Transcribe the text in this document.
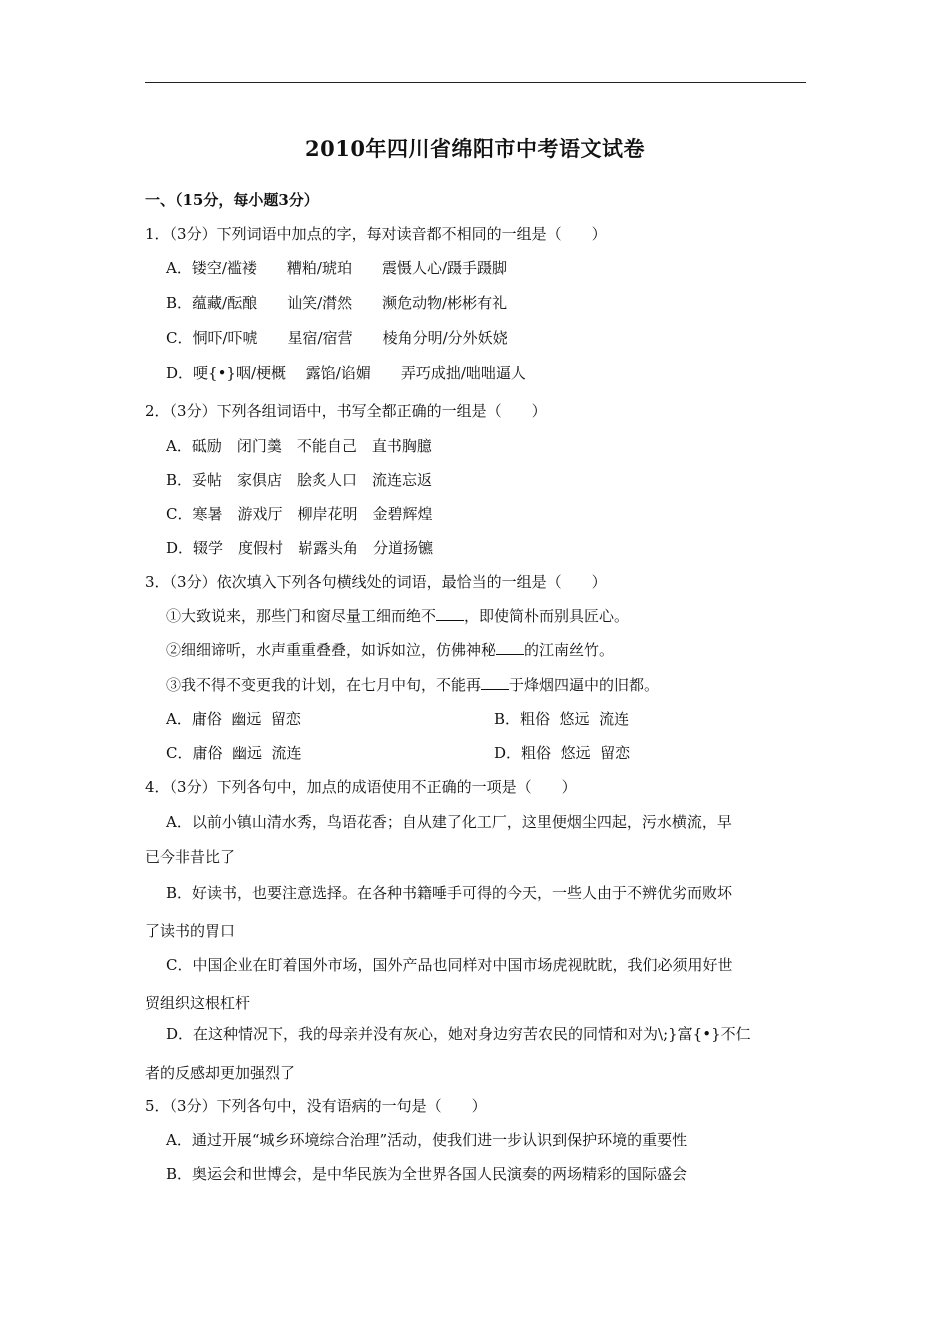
2010年四川省绵阳市中考语文试卷
一、（15分，每小题3分）
1．（3分）下列词语中加点的字，每对读音都不相同的一组是（　　）
A．镂空/褴褛　　糟粕/琥珀　　震慑人心/蹑手蹑脚
B．蕴藏/酝酿　　讪笑/潸然　　濒危动物/彬彬有礼
C．恫吓/吓唬　　星宿/宿营　　棱角分明/分外妖娆
D．哽{•}咽/梗概　 露馅/谄媚　　弄巧成拙/咄咄逼人
2．（3分）下列各组词语中，书写全都正确的一组是（　　）
A．砥励　闭门羹　不能自己　直书胸臆
B．妥帖　家俱店　脍炙人口　流连忘返
C．寒暑　游戏厅　柳岸花明　金碧辉煌
D．辍学　度假村　崭露头角　分道扬镳
3．（3分）依次填入下列各句横线处的词语，最恰当的一组是（　　）
①大致说来，那些门和窗尽量工细而绝不 ，即使简朴而别具匠心。
②细细谛听，水声重重叠叠，如诉如泣，仿佛神秘 的江南丝竹。
③我不得不变更我的计划，在七月中旬，不能再 于烽烟四逼中的旧都。
A．庸俗  幽远  留恋	B．粗俗  悠远  流连
C．庸俗  幽远  流连	D．粗俗  悠远  留恋
4．（3分）下列各句中，加点的成语使用不正确的一项是（　　）
A．以前小镇山清水秀，鸟语花香；自从建了化工厂，这里便烟尘四起，污水横流，早
已今非昔比了
B．好读书，也要注意选择。在各种书籍唾手可得的今天，一些人由于不辨优劣而败坏
了读书的胃口
C．中国企业在盯着国外市场，国外产品也同样对中国市场虎视眈眈，我们必须用好世
贸组织这根杠杆
D．在这种情况下，我的母亲并没有灰心，她对身边穷苦农民的同情和对为\;}富{•}不仁
者的反感却更加强烈了
5．（3分）下列各句中，没有语病的一句是（　　）
A．通过开展“城乡环境综合治理”活动，使我们进一步认识到保护环境的重要性
B．奥运会和世博会，是中华民族为全世界各国人民演奏的两场精彩的国际盛会
